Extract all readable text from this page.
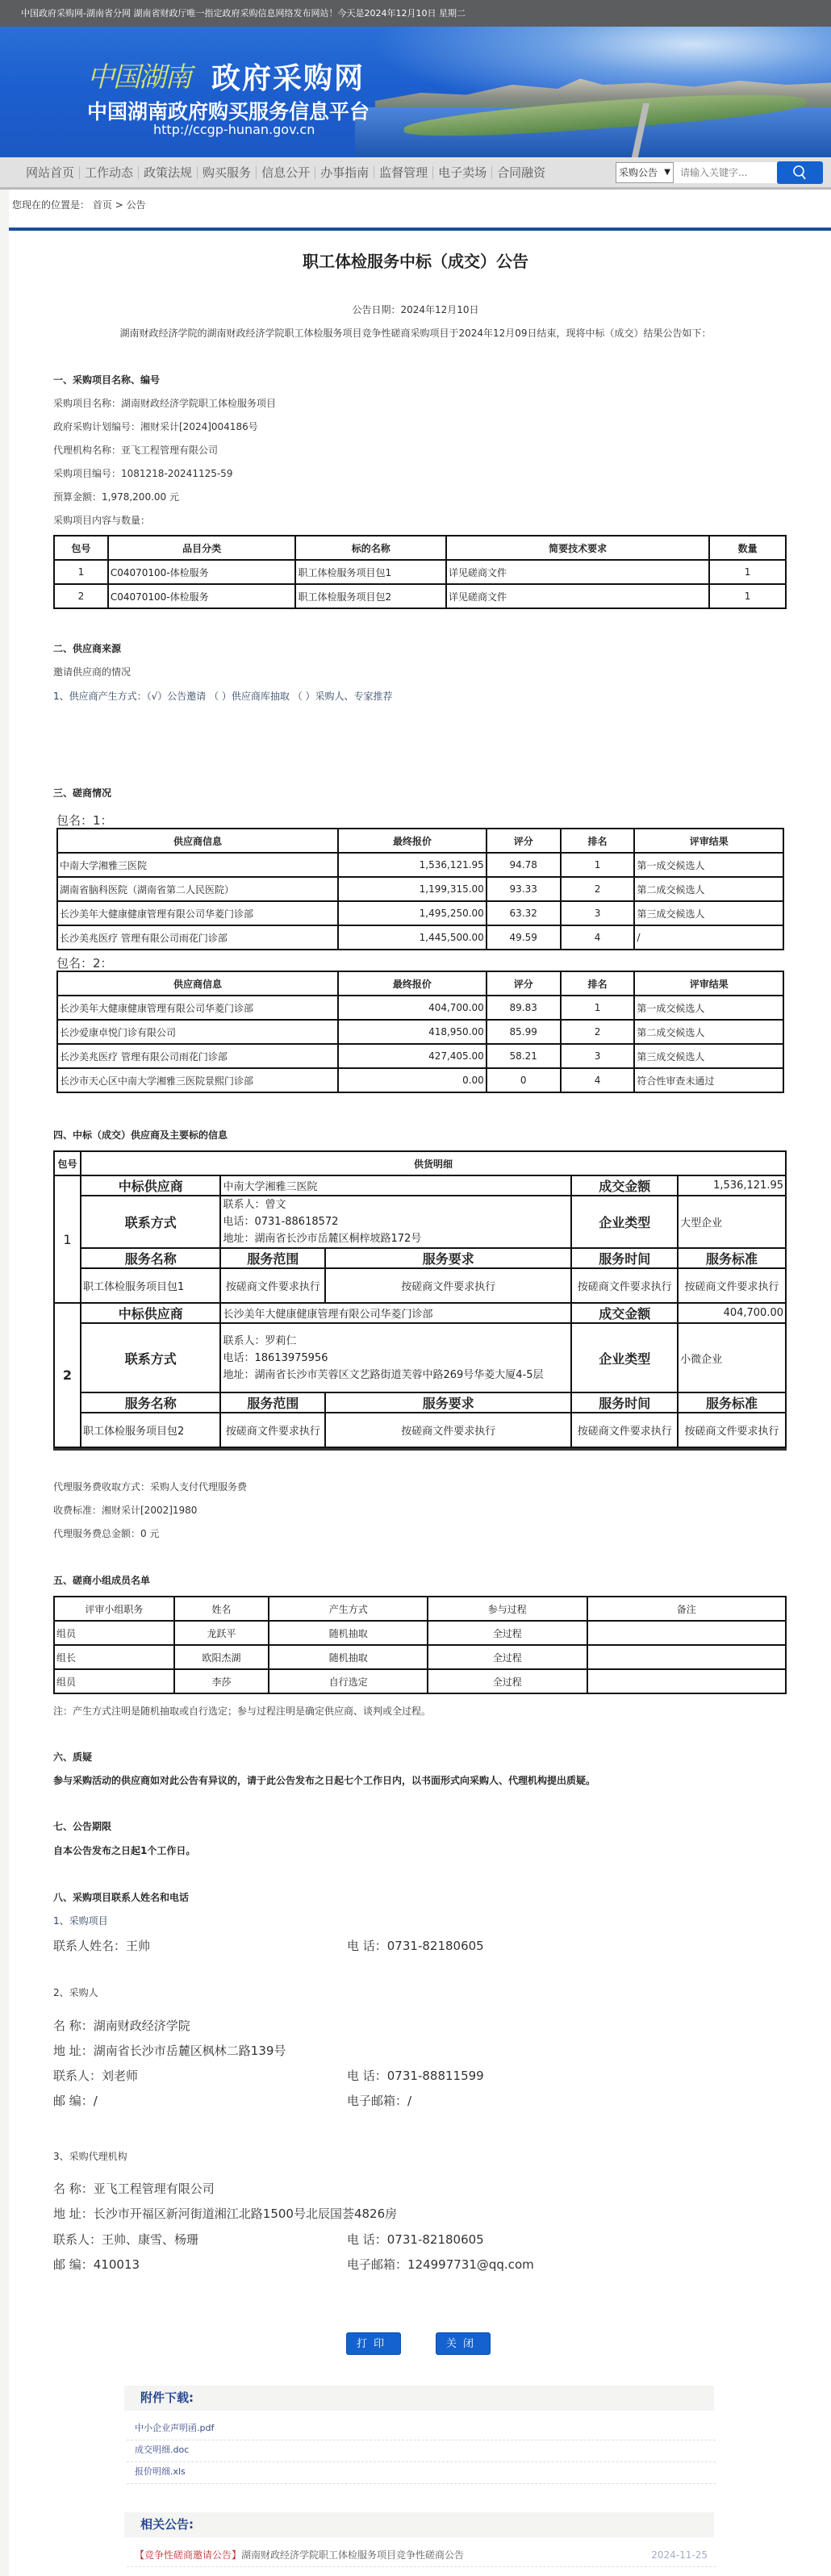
中国政府采购网-湖南省分网 湖南省财政厅唯一指定政府采购信息网络发布网站！今天是2024年12月10日 星期二
中国湖南 政府采购网
中国湖南政府购买服务信息平台
http://ccgp-hunan.gov.cn
网站首页 工作动态 政策法规 购买服务 信息公开 办事指南 监督管理 电子卖场 合同融资	采购公告 ▼
请输入关键字...
您现在的位置是： 首页 > 公告
职工体检服务中标（成交）公告
公告日期：2024年12月10日
湖南财政经济学院的湖南财政经济学院职工体检服务项目竞争性磋商采购项目于2024年12月09日结束，现将中标（成交）结果公告如下：
一、采购项目名称、编号
采购项目名称：湖南财政经济学院职工体检服务项目
政府采购计划编号：湘财采计[2024]004186号
代理机构名称：亚飞工程管理有限公司
采购项目编号：1081218-20241125-59
预算金额：1,978,200.00 元
采购项目内容与数量：
包号	品目分类	标的名称	简要技术要求	数量
1	C04070100-体检服务	职工体检服务项目包1	详见磋商文件	1
2	C04070100-体检服务	职工体检服务项目包2	详见磋商文件	1
二、供应商来源
邀请供应商的情况
1、供应商产生方式：（√）公告邀请 （ ）供应商库抽取 （ ）采购人、专家推荐
三、磋商情况
包名：1：
供应商信息	最终报价	评分	排名	评审结果
中南大学湘雅三医院	1,536,121.95	94.78	1	第一成交候选人
湖南省脑科医院（湖南省第二人民医院）	1,199,315.00	93.33	2	第二成交候选人
长沙美年大健康健康管理有限公司华菱门诊部	1,495,250.00	63.32	3	第三成交候选人
长沙美兆医疗 管理有限公司雨花门诊部	1,445,500.00	49.59	4	/
包名：2：
供应商信息	最终报价	评分	排名	评审结果
长沙美年大健康健康管理有限公司华菱门诊部	404,700.00	89.83	1	第一成交候选人
长沙爱康卓悦门诊有限公司	418,950.00	85.99	2	第二成交候选人
长沙美兆医疗 管理有限公司雨花门诊部	427,405.00	58.21	3	第三成交候选人
长沙市天心区中南大学湘雅三医院景熙门诊部	0.00	0	4	符合性审查未通过
四、中标（成交）供应商及主要标的信息
包号	供货明细				
1	中标供应商	中南大学湘雅三医院		成交金额	1,536,121.95
	联系方式	联系人：曾文
电话：0731-88618572
地址：湖南省长沙市岳麓区桐梓坡路172号		企业类型	大型企业
	服务名称	服务范围	服务要求	服务时间	服务标准
	职工体检服务项目包1	按磋商文件要求执行	按磋商文件要求执行	按磋商文件要求执行	按磋商文件要求执行
2	中标供应商	长沙美年大健康健康管理有限公司华菱门诊部		成交金额	404,700.00
	联系方式	联系人：罗莉仁
电话：18613975956
地址：湖南省长沙市芙蓉区文艺路街道芙蓉中路269号华菱大厦4-5层		企业类型	小微企业
	服务名称	服务范围	服务要求	服务时间	服务标准
	职工体检服务项目包2	按磋商文件要求执行	按磋商文件要求执行	按磋商文件要求执行	按磋商文件要求执行
代理服务费收取方式：采购人支付代理服务费
收费标准：湘财采计[2002]1980
代理服务费总金额：0 元
五、磋商小组成员名单
评审小组职务	姓名	产生方式	参与过程	备注
组员	龙跃平	随机抽取	全过程	
组长	欧阳杰湖	随机抽取	全过程	
组员	李莎	自行选定	全过程	
注：产生方式注明是随机抽取或自行选定；参与过程注明是确定供应商、谈判或全过程。
六、质疑
参与采购活动的供应商如对此公告有异议的，请于此公告发布之日起七个工作日内，以书面形式向采购人、代理机构提出质疑。
七、公告期限
自本公告发布之日起1个工作日。
八、采购项目联系人姓名和电话
1、采购项目
联系人姓名：王帅	电 话：0731-82180605
2、采购人
名 称：湖南财政经济学院
地 址：湖南省长沙市岳麓区枫林二路139号
联系人：刘老师	电 话：0731-88811599
邮 编：/	电子邮箱：/
3、采购代理机构
名 称：亚飞工程管理有限公司
地 址：长沙市开福区新河街道湘江北路1500号北辰国荟4826房
联系人：王帅、康雪、杨珊	电 话：0731-82180605
邮 编：410013	电子邮箱：124997731@qq.com
打印	关闭
附件下载:
中小企业声明函.pdf
成交明细.doc
报价明细.xls
相关公告:
【竞争性磋商邀请公告】湖南财政经济学院职工体检服务项目竞争性磋商公告	2024-11-25
